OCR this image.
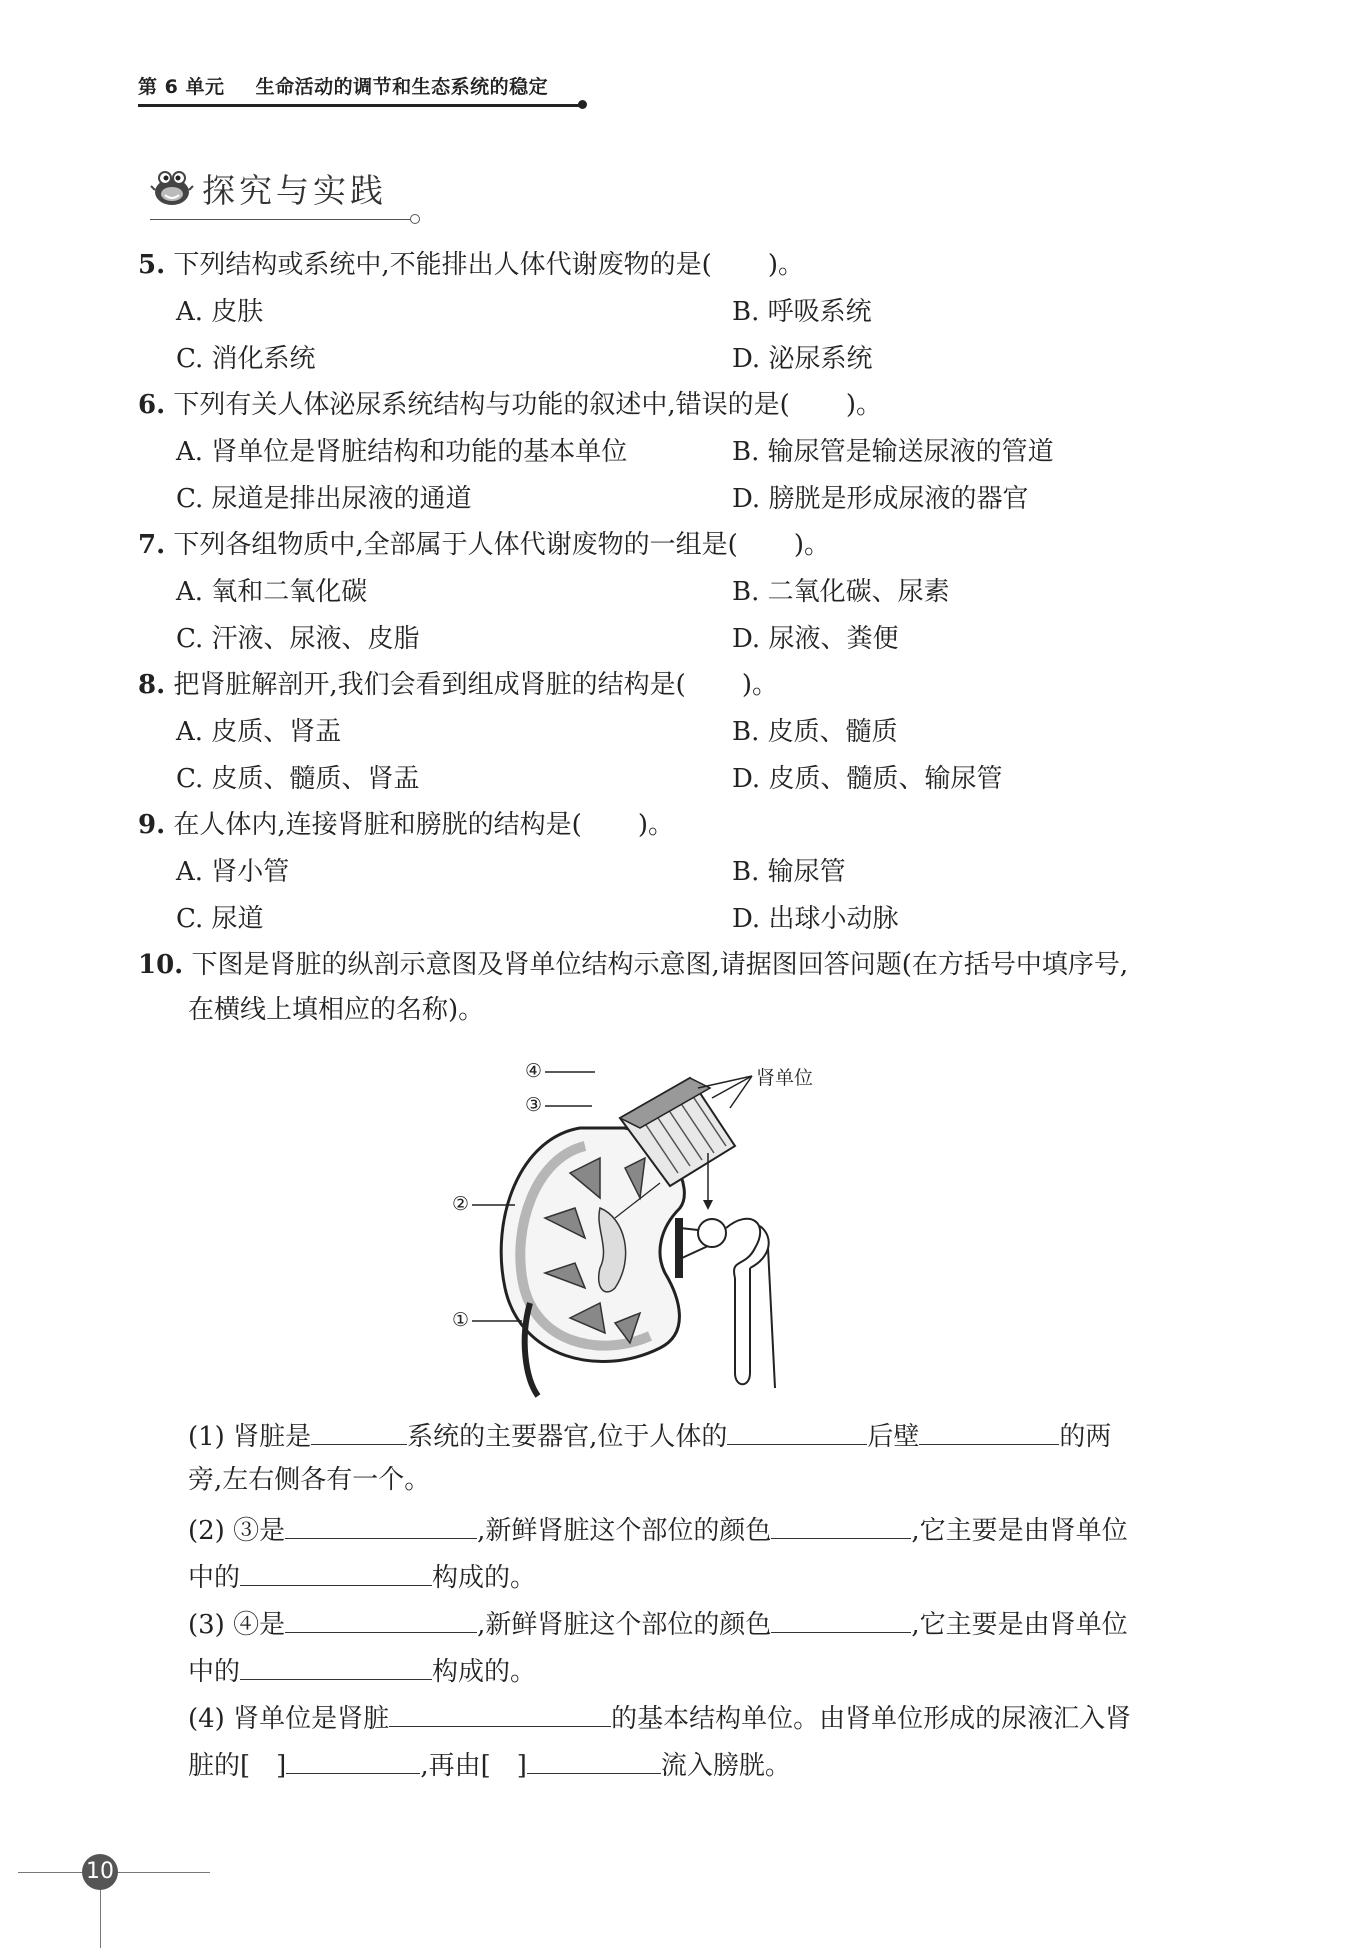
第 6 单元 生命活动的调节和生态系统的稳定
探究与实践
5. 下列结构或系统中,不能排出人体代谢废物的是( )。
A. 皮肤	B. 呼吸系统
C. 消化系统	D. 泌尿系统
6. 下列有关人体泌尿系统结构与功能的叙述中,错误的是( )。
A. 肾单位是肾脏结构和功能的基本单位	B. 输尿管是输送尿液的管道
C. 尿道是排出尿液的通道	D. 膀胱是形成尿液的器官
7. 下列各组物质中,全部属于人体代谢废物的一组是( )。
A. 氧和二氧化碳	B. 二氧化碳、尿素
C. 汗液、尿液、皮脂	D. 尿液、粪便
8. 把肾脏解剖开,我们会看到组成肾脏的结构是( )。
A. 皮质、肾盂	B. 皮质、髓质
C. 皮质、髓质、肾盂	D. 皮质、髓质、输尿管
9. 在人体内,连接肾脏和膀胱的结构是( )。
A. 肾小管	B. 输尿管
C. 尿道	D. 出球小动脉
10. 下图是肾脏的纵剖示意图及肾单位结构示意图,请据图回答问题(在方括号中填序号,
在横线上填相应的名称)。
④
③
②
①
肾单位
(1) 肾脏是	系统的主要器官,位于人体的	后壁	的两
旁,左右侧各有一个。
(2) ③是	,新鲜肾脏这个部位的颜色	,它主要是由肾单位
中的	构成的。
(3) ④是	,新鲜肾脏这个部位的颜色	,它主要是由肾单位
中的	构成的。
(4) 肾单位是肾脏	的基本结构单位。由肾单位形成的尿液汇入肾
脏的[ ]	,再由[ ]	流入膀胱。
10
